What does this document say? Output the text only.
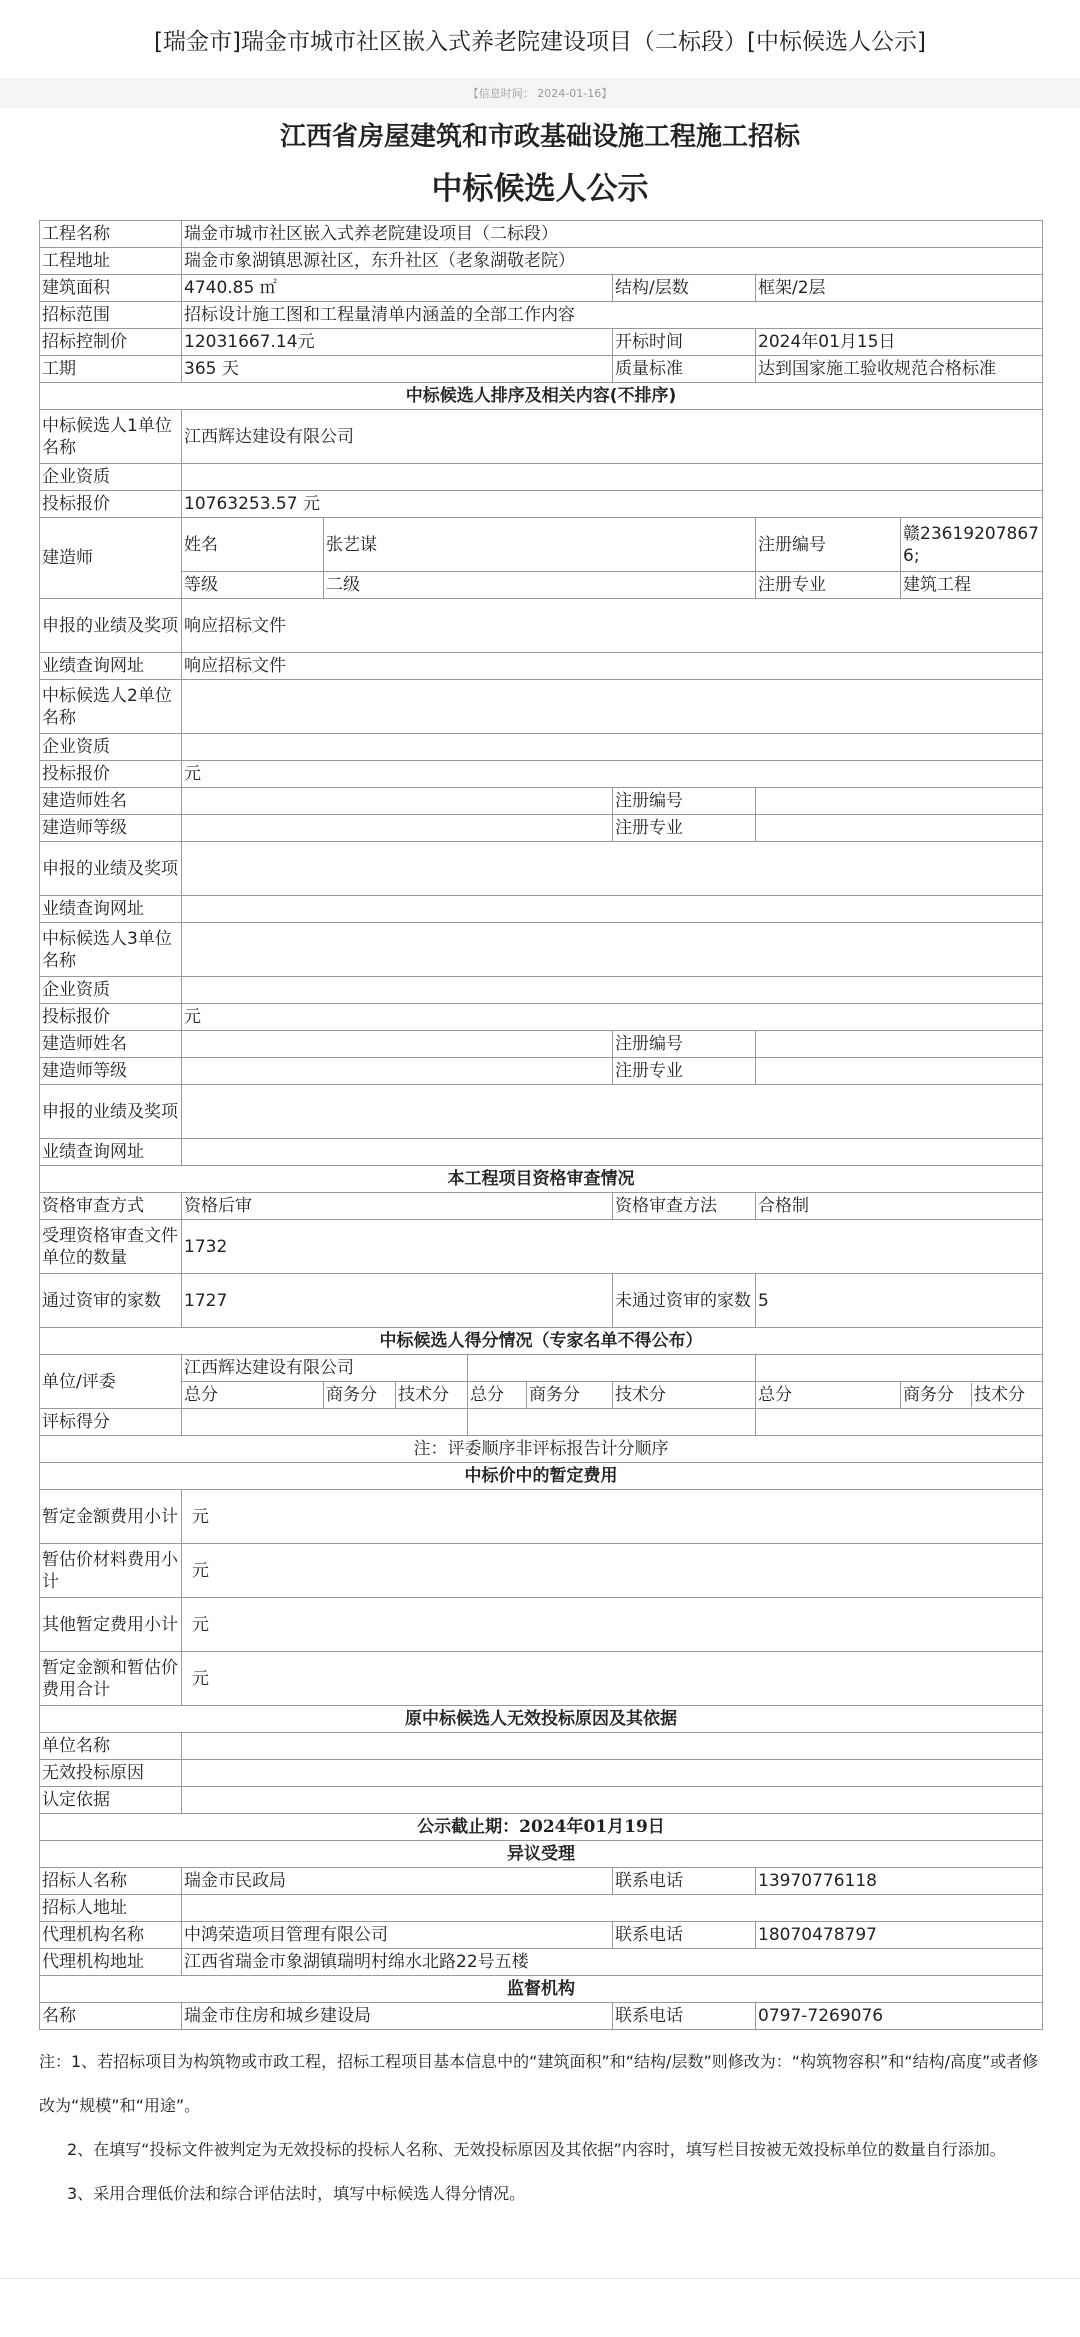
[瑞金市]瑞金市城市社区嵌入式养老院建设项目（二标段）[中标候选人公示]
【信息时间： 2024-01-16】
江西省房屋建筑和市政基础设施工程施工招标
中标候选人公示
工程名称	瑞金市城市社区嵌入式养老院建设项目（二标段）							
工程地址	瑞金市象湖镇思源社区，东升社区（老象湖敬老院）							
建筑面积	4740.85 ㎡					结构/层数	框架/2层	
招标范围	招标设计施工图和工程量清单内涵盖的全部工作内容							
招标控制价	12031667.14元					开标时间	2024年01月15日	
工期	365 天					质量标准	达到国家施工验收规范合格标准	
中标候选人排序及相关内容(不排序)								
中标候选人1单位名称	江西辉达建设有限公司							
企业资质								
投标报价	10763253.57 元							
建造师	姓名	张艺谋					注册编号	赣236192078676;
	等级	二级					注册专业	建筑工程
申报的业绩及奖项	响应招标文件							
业绩查询网址	响应招标文件							
中标候选人2单位名称								
企业资质								
投标报价	元							
建造师姓名						注册编号		
建造师等级						注册专业		
申报的业绩及奖项								
业绩查询网址								
中标候选人3单位名称								
企业资质								
投标报价	元							
建造师姓名						注册编号		
建造师等级						注册专业		
申报的业绩及奖项								
业绩查询网址								
本工程项目资格审查情况								
资格审查方式	资格后审					资格审查方法	合格制	
受理资格审查文件单位的数量	1732							
通过资审的家数	1727					未通过资审的家数	5	
中标候选人得分情况（专家名单不得公布）								
单位/评委	江西辉达建设有限公司							
	总分	商务分	技术分	总分	商务分	技术分	总分	商务分 技术分

评标得分								
注：评委顺序非评标报告计分顺序								
中标价中的暂定费用								
暂定金额费用小计	元							
暂估价材料费用小计	元							
其他暂定费用小计	元							
暂定金额和暂估价费用合计	元							
原中标候选人无效投标原因及其依据								
单位名称								
无效投标原因								
认定依据								
公示截止期：2024年01月19日								
异议受理								
招标人名称	瑞金市民政局					联系电话	13970776118	
招标人地址								
代理机构名称	中鸿荣造项目管理有限公司					联系电话	18070478797	
代理机构地址	江西省瑞金市象湖镇瑞明村绵水北路22号五楼							
监督机构								
名称	瑞金市住房和城乡建设局					联系电话	0797-7269076	

注：1、若招标项目为构筑物或市政工程，招标工程项目基本信息中的“建筑面积”和“结构/层数”则修改为：“构筑物容积”和“结构/高度”或者修改为“规模”和“用途”。

2、在填写“投标文件被判定为无效投标的投标人名称、无效投标原因及其依据”内容时，填写栏目按被无效投标单位的数量自行添加。

3、采用合理低价法和综合评估法时，填写中标候选人得分情况。
